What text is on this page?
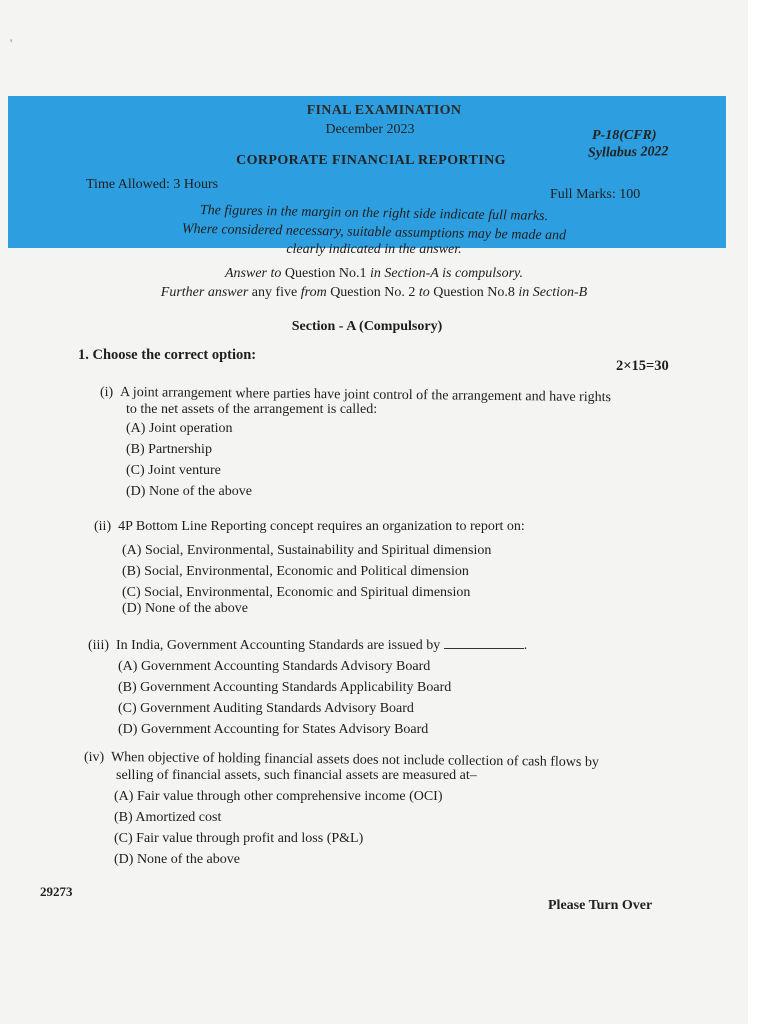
'
FINAL EXAMINATION
December 2023	P-18(CFR)
Syllabus 2022
CORPORATE FINANCIAL REPORTING
Time Allowed: 3 Hours
Full Marks: 100
The figures in the margin on the right side indicate full marks.
Where considered necessary, suitable assumptions may be made and
clearly indicated in the answer.
Answer to Question No.1 in Section-A is compulsory.
Further answer any five from Question No. 2 to Question No.8 in Section-B
Section - A (Compulsory)
1. Choose the correct option:
2×15=30
(i) A joint arrangement where parties have joint control of the arrangement and have rights
to the net assets of the arrangement is called:
(A) Joint operation
(B) Partnership
(C) Joint venture
(D) None of the above
(ii) 4P Bottom Line Reporting concept requires an organization to report on:
(A) Social, Environmental, Sustainability and Spiritual dimension
(B) Social, Environmental, Economic and Political dimension
(C) Social, Environmental, Economic and Spiritual dimension
(D) None of the above
(iii) In India, Government Accounting Standards are issued by	.
(A) Government Accounting Standards Advisory Board
(B) Government Accounting Standards Applicability Board
(C) Government Auditing Standards Advisory Board
(D) Government Accounting for States Advisory Board
(iv) When objective of holding financial assets does not include collection of cash flows by
selling of financial assets, such financial assets are measured at–
(A) Fair value through other comprehensive income (OCI)
(B) Amortized cost
(C) Fair value through profit and loss (P&L)
(D) None of the above
29273
Please Turn Over
